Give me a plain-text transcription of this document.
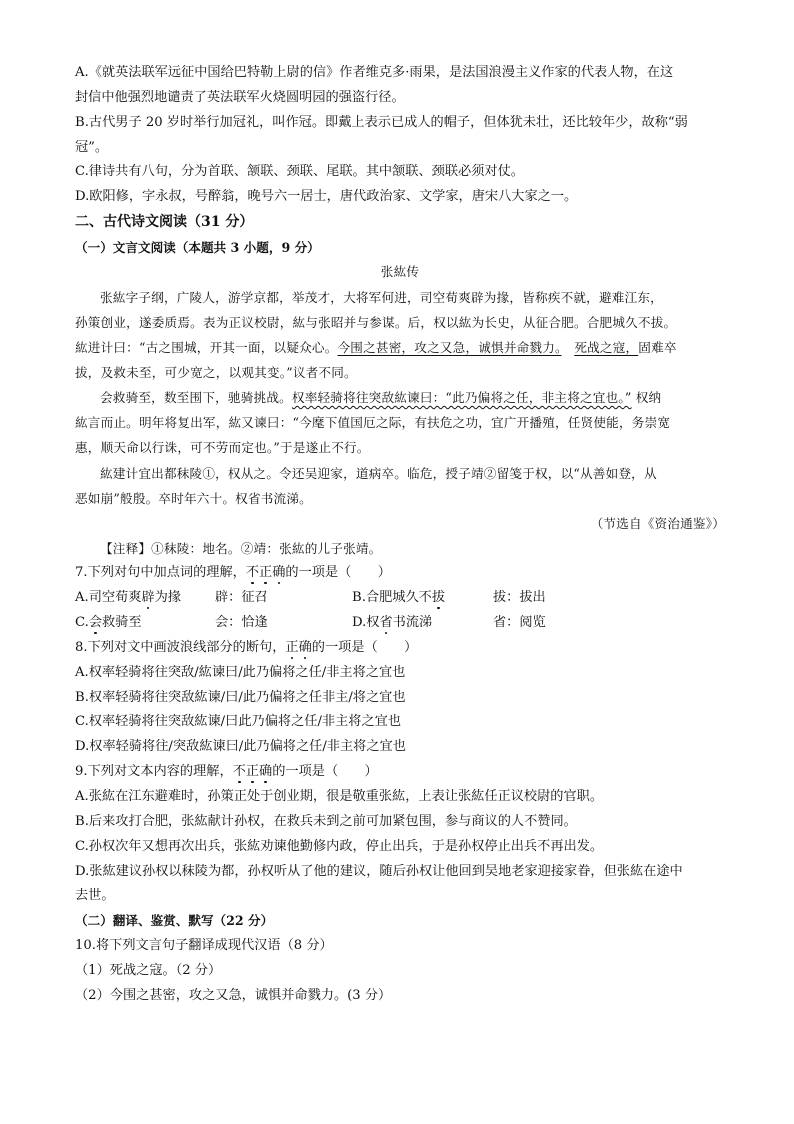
A.《就英法联军远征中国给巴特勒上尉的信》作者维克多·雨果，是法国浪漫主义作家的代表人物，在这
封信中他强烈地谴责了英法联军火烧圆明园的强盗行径。
B.古代男子 20 岁时举行加冠礼，叫作冠。即戴上表示已成人的帽子，但体犹未壮，还比较年少，故称“弱
冠”。
C.律诗共有八句，分为首联、颔联、颈联、尾联。其中颔联、颈联必须对仗。
D.欧阳修，字永叔，号醉翁，晚号六一居士，唐代政治家、文学家，唐宋八大家之一。
二、古代诗文阅读（31 分）
（一）文言文阅读（本题共 3 小题，9 分）
张紘传
张紘字子纲，广陵人，游学京都，举茂才，大将军何进，司空荀爽辟为掾，皆称疾不就，避难江东，
孙策创业，遂委质焉。表为正议校尉，紘与张昭并与参谋。后，权以紘为长史，从征合肥。合肥城久不拔。
紘进计曰：“古之围城，开其一面，以疑众心。今围之甚密，攻之又急，诚惧并命戮力。　 死战之寇，固难卒
拔，及救未至，可少宽之，以观其变。”议者不同。
会救骑至，数至围下，驰骑挑战。权率轻骑将往突敌紘谏曰：“此乃偏将之任，非主将之宜也。” 权纳
紘言而止。明年将复出军，紘又谏曰：“今麾下值国厄之际，有扶危之功，宜广开播殖，任贤使能，务崇宽
惠，顺天命以行诛，可不劳而定也。”于是遂止不行。
紘建计宜出都秣陵①，权从之。令还吴迎家，道病卒。临危，授子靖②留笺于权，以“从善如登，从
恶如崩”般殷。卒时年六十。权省书流涕。
（节选自《资治通鉴》）
【注释】①秣陵：地名。②靖：张紘的儿子张靖。
7.下列对句中加点词的理解，不正确的一项是（　　）
A.司空荀爽辟为掾	辟：征召	B.合肥城久不拔	拔：拔出
C.会救骑至	会：恰逢	D.权省书流涕	省：阅览
8.下列对文中画波浪线部分的断句，正确的一项是（　　）
A.权率轻骑将往突敌/紘谏曰/此乃偏将之任/非主将之宜也
B.权率轻骑将往突敌紘谏/曰/此乃偏将之任非主/将之宜也
C.权率轻骑将往突敌紘谏/曰此乃偏将之任/非主将之宜也
D.权率轻骑将往/突敌紘谏曰/此乃偏将之任/非主将之宜也
9.下列对文本内容的理解，不正确的一项是（　　）
A.张紘在江东避难时，孙策正处于创业期，很是敬重张紘，上表让张紘任正议校尉的官职。
B.后来攻打合肥，张紘献计孙权，在救兵未到之前可加紧包围，参与商议的人不赞同。
C.孙权次年又想再次出兵，张紘劝谏他勤修内政，停止出兵，于是孙权停止出兵不再出发。
D.张紘建议孙权以秣陵为都，孙权听从了他的建议，随后孙权让他回到吴地老家迎接家眷，但张紘在途中
去世。
（二）翻译、鉴赏、默写（22 分）
10.将下列文言句子翻译成现代汉语（8 分）
（1）死战之寇。（2 分）
（2）今围之甚密，攻之又急，诚惧并命戮力。(3 分）
